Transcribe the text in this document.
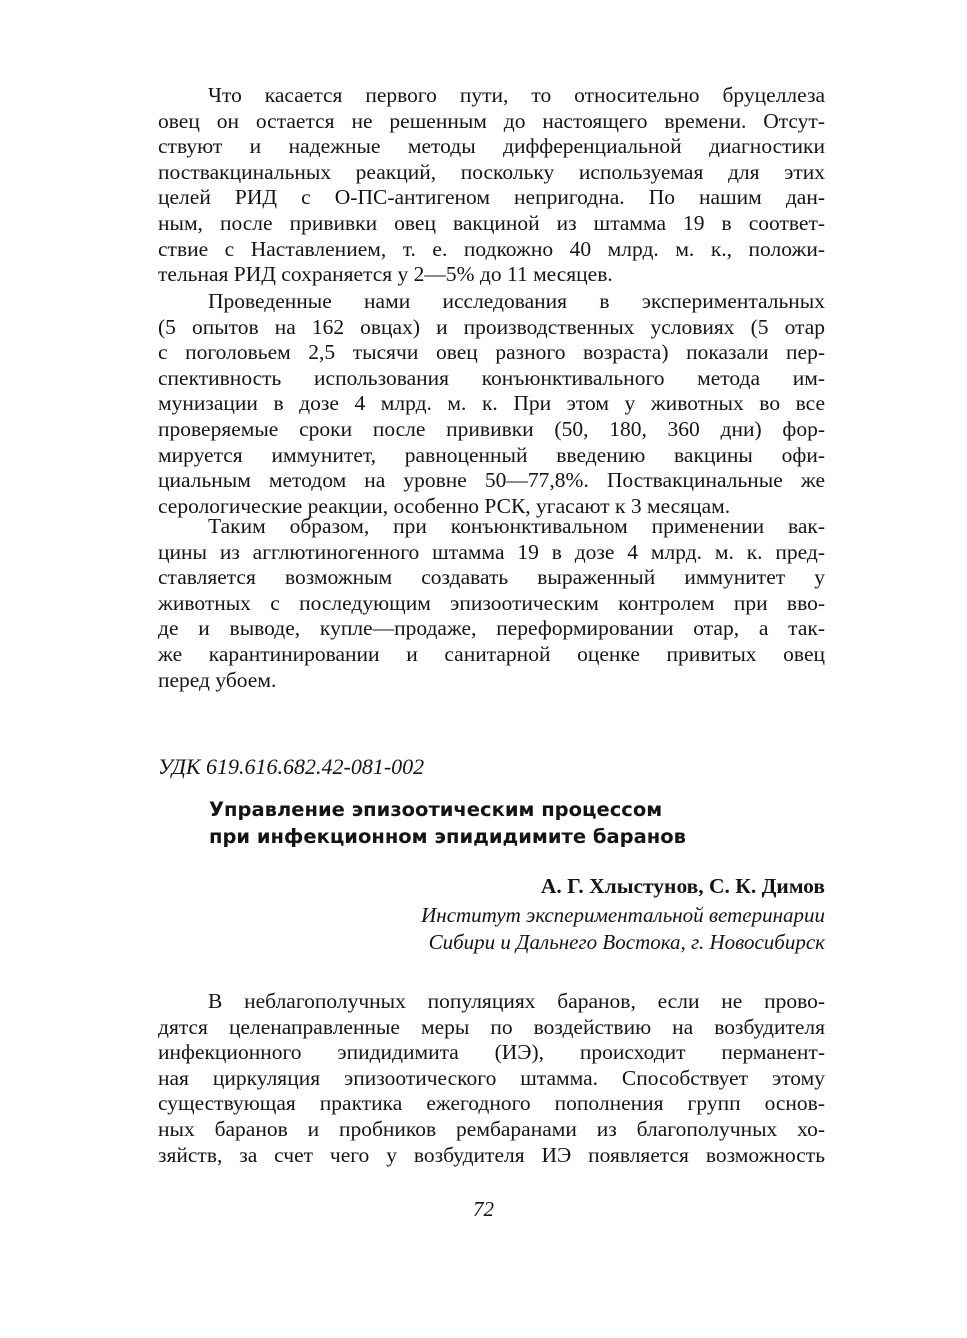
Что касается первого пути, то относительно бруцеллеза
овец он остается не решенным до настоящего времени. Отсут-
ствуют и надежные методы дифференциальной диагностики
поствакцинальных реакций, поскольку используемая для этих
целей РИД с О-ПС-антигеном непригодна. По нашим дан-
ным, после прививки овец вакциной из штамма 19 в соответ-
ствие с Наставлением, т. е. подкожно 40 млрд. м. к., положи-
тельная РИД сохраняется у 2—5% до 11 месяцев.
Проведенные нами исследования в экспериментальных
(5 опытов на 162 овцах) и производственных условиях (5 отар
с поголовьем 2,5 тысячи овец разного возраста) показали пер-
спективность использования конъюнктивального метода им-
мунизации в дозе 4 млрд. м. к. При этом у животных во все
проверяемые сроки после прививки (50, 180, 360 дни) фор-
мируется иммунитет, равноценный введению вакцины офи-
циальным методом на уровне 50—77,8%. Поствакцинальные же
серологические реакции, особенно РСК, угасают к 3 месяцам.
Таким образом, при конъюнктивальном применении вак-
цины из агглютиногенного штамма 19 в дозе 4 млрд. м. к. пред-
ставляется возможным создавать выраженный иммунитет у
животных с последующим эпизоотическим контролем при вво-
де и выводе, купле—продаже, переформировании отар, а так-
же карантинировании и санитарной оценке привитых овец
перед убоем.
УДК 619.616.682.42-081-002
Управление эпизоотическим процессом
при инфекционном эпидидимите баранов
А. Г. Хлыстунов, С. К. Димов
Институт экспериментальной ветеринарии
Сибири и Дальнего Востока, г. Новосибирск
В неблагополучных популяциях баранов, если не прово-
дятся целенаправленные меры по воздействию на возбудителя
инфекционного эпидидимита (ИЭ), происходит перманент-
ная циркуляция эпизоотического штамма. Способствует этому
существующая практика ежегодного пополнения групп основ-
ных баранов и пробников рембаранами из благополучных хо-
зяйств, за счет чего у возбудителя ИЭ появляется возможность
72
